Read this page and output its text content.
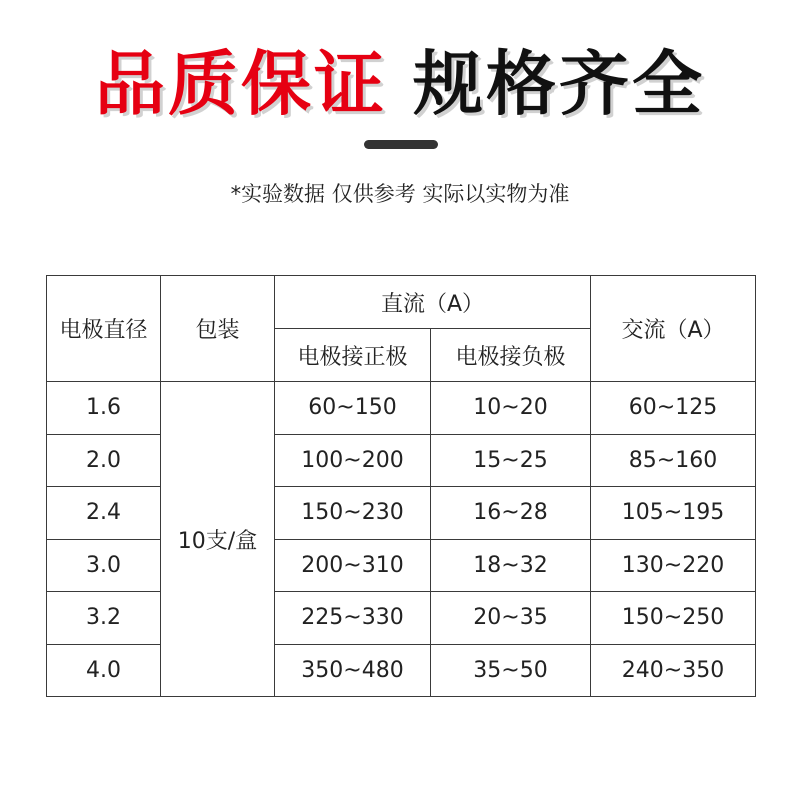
品质保证 规格齐全
*实验数据 仅供参考 实际以实物为准
电极直径	包装	直流（A）		交流（A）
		电极接正极	电极接负极	
1.6	10支/盒	60~150	10~20	60~125
2.0		100~200	15~25	85~160
2.4		150~230	16~28	105~195
3.0		200~310	18~32	130~220
3.2		225~330	20~35	150~250
4.0		350~480	35~50	240~350
